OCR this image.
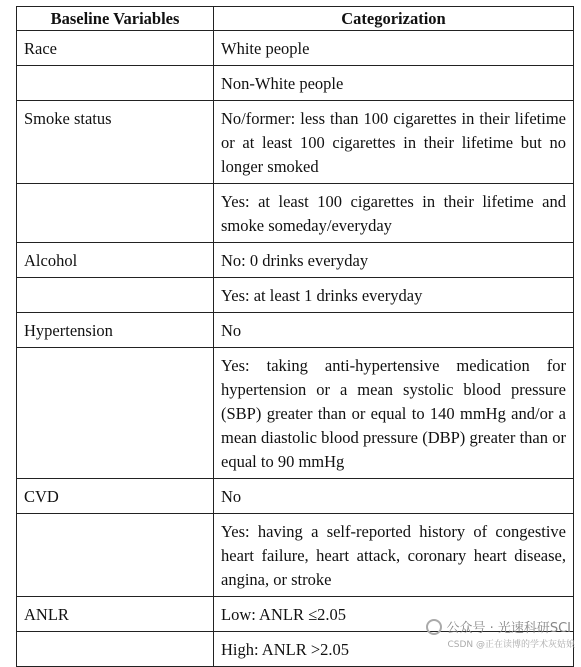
Baseline Variables	Categorization
Race	White people
	Non-White people
Smoke status	No/former: less than 100 cigarettes in their lifetime or at least 100 cigarettes in their lifetime but no longer smoked
	Yes: at least 100 cigarettes in their lifetime and smoke someday/everyday
Alcohol	No: 0 drinks everyday
	Yes: at least 1 drinks everyday
Hypertension	No
	Yes: taking anti-hypertensive medication for hypertension or a mean systolic blood pressure (SBP) greater than or equal to 140 mmHg and/or a mean diastolic blood pressure (DBP) greater than or equal to 90 mmHg
CVD	No
	Yes: having a self-reported history of congestive heart failure, heart attack, coronary heart disease, angina, or stroke
ANLR	Low: ANLR ≤2.05
	High: ANLR >2.05
公众号 · 光速科研SCI
CSDN @正在读博的学术灰姑娘
